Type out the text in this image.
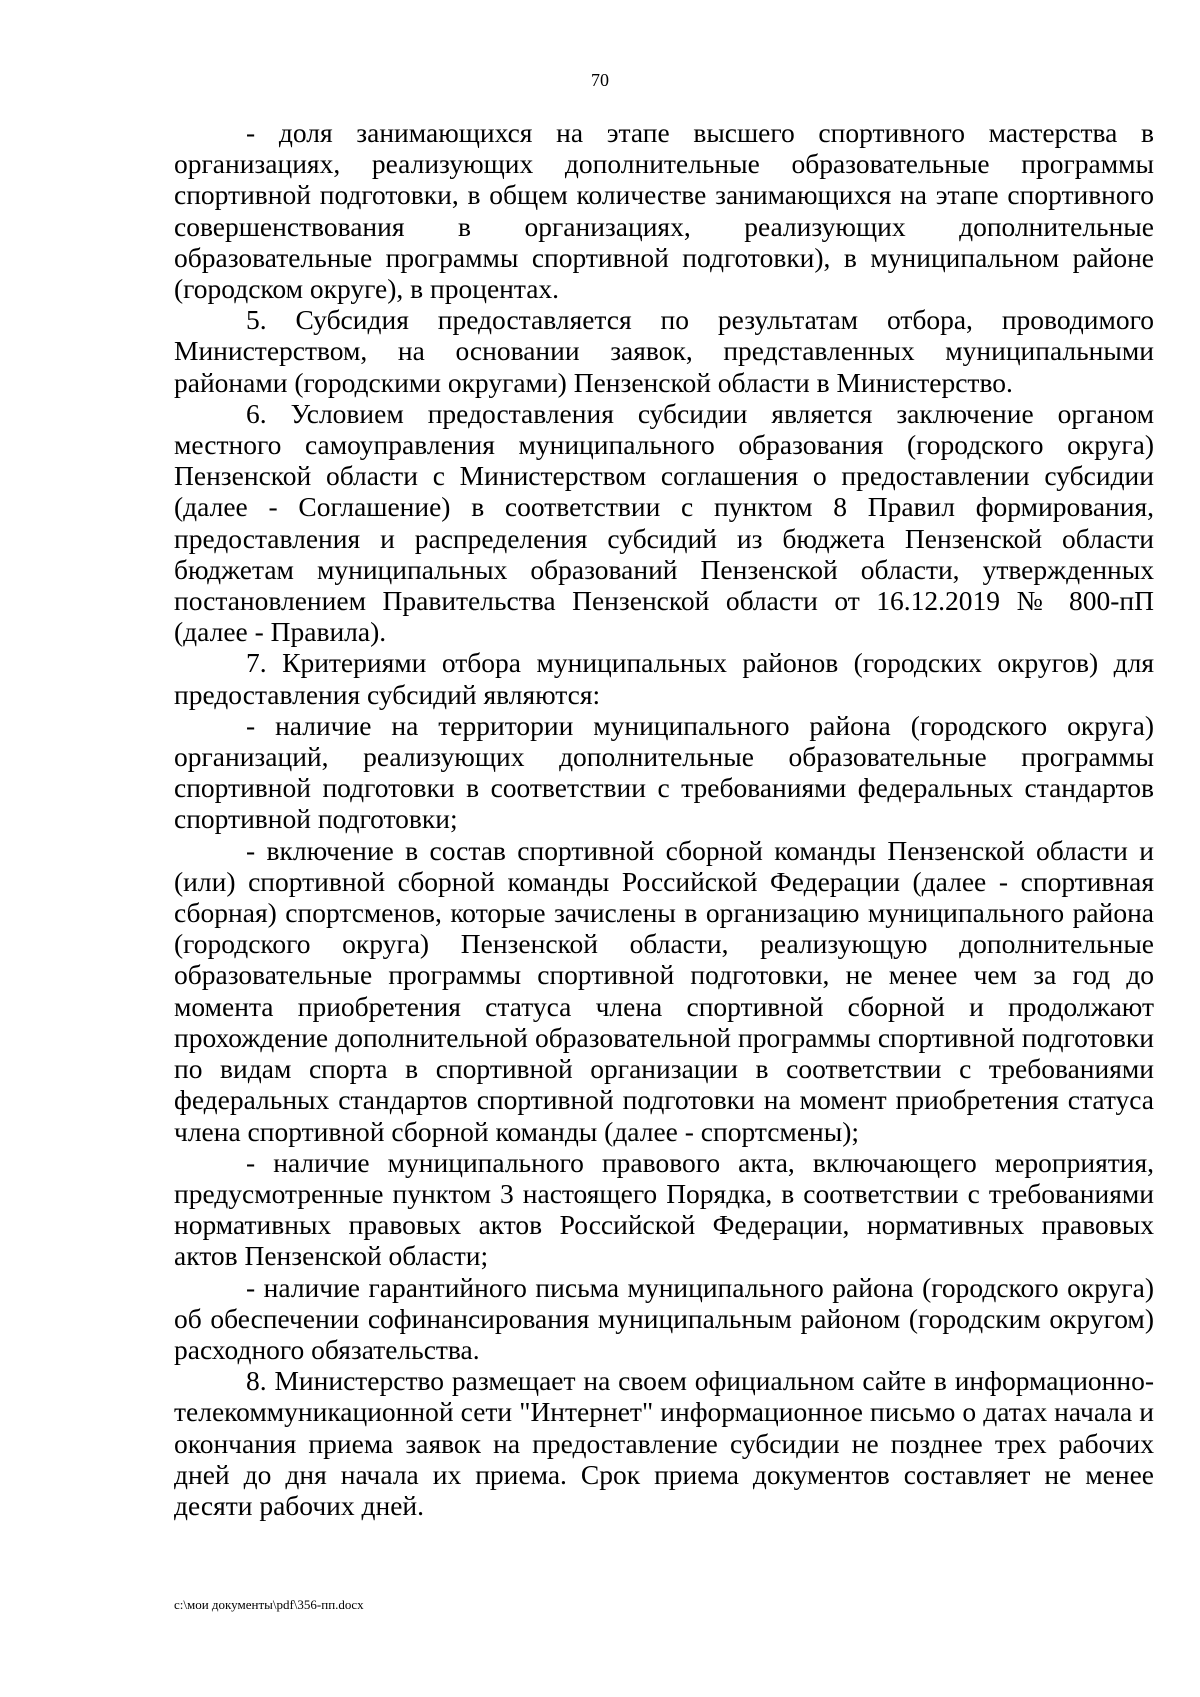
70

- доля занимающихся на этапе высшего спортивного мастерства в организациях, реализующих дополнительные образовательные программы спортивной подготовки, в общем количестве занимающихся на этапе спортивного совершенствования в организациях, реализующих дополнительные образовательные программы спортивной подготовки), в муниципальном районе (городском округе), в процентах.

5. Субсидия предоставляется по результатам отбора, проводимого Министерством, на основании заявок, представленных муниципальными районами (городскими округами) Пензенской области в Министерство.

6. Условием предоставления субсидии является заключение органом местного самоуправления муниципального образования (городского округа) Пензенской области с Министерством соглашения о предоставлении субсидии (далее - Соглашение) в соответствии с пунктом 8 Правил формирования, предоставления и распределения субсидий из бюджета Пензенской области бюджетам муниципальных образований Пензенской области, утвержденных постановлением Правительства Пензенской области от 16.12.2019 № 800-пП (далее - Правила).

7. Критериями отбора муниципальных районов (городских округов) для предоставления субсидий являются:

- наличие на территории муниципального района (городского округа) организаций, реализующих дополнительные образовательные программы спортивной подготовки в соответствии с требованиями федеральных стандартов спортивной подготовки;

- включение в состав спортивной сборной команды Пензенской области и (или) спортивной сборной команды Российской Федерации (далее - спортивная сборная) спортсменов, которые зачислены в организацию муниципального района (городского округа) Пензенской области, реализующую дополнительные образовательные программы спортивной подготовки, не менее чем за год до момента приобретения статуса члена спортивной сборной и продолжают прохождение дополнительной образовательной программы спортивной подготовки по видам спорта в спортивной организации в соответствии с требованиями федеральных стандартов спортивной подготовки на момент приобретения статуса члена спортивной сборной команды (далее - спортсмены);

- наличие муниципального правового акта, включающего мероприятия, предусмотренные пунктом 3 настоящего Порядка, в соответствии с требованиями нормативных правовых актов Российской Федерации, нормативных правовых актов Пензенской области;

- наличие гарантийного письма муниципального района (городского округа) об обеспечении софинансирования муниципальным районом (городским округом) расходного обязательства.

8. Министерство размещает на своем официальном сайте в информационно-телекоммуникационной сети "Интернет" информационное письмо о датах начала и окончания приема заявок на предоставление субсидии не позднее трех рабочих дней до дня начала их приема. Срок приема документов составляет не менее десяти рабочих дней.

c:\мои документы\pdf\356-пп.docx
